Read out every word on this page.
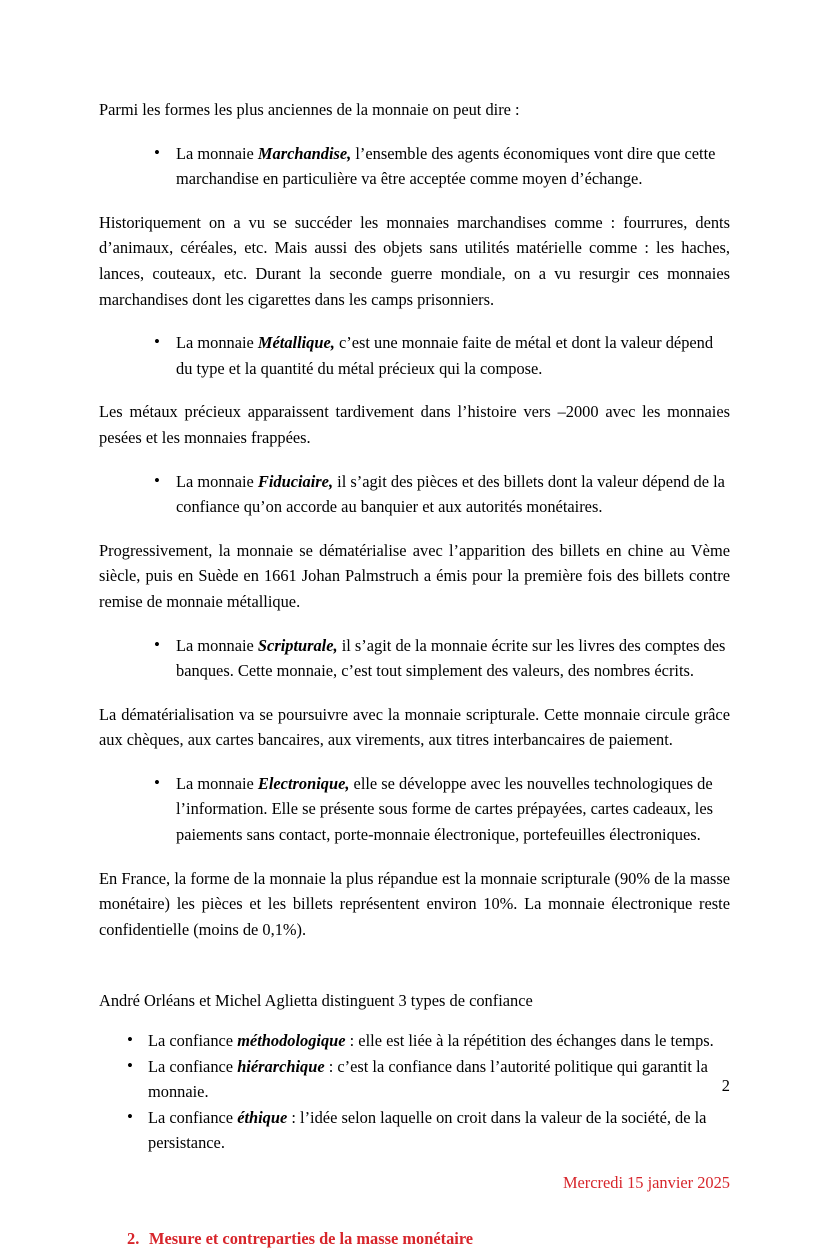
Parmi les formes les plus anciennes de la monnaie on peut dire :

• La monnaie Marchandise, l’ensemble des agents économiques vont dire que cette marchandise en particulière va être acceptée comme moyen d’échange.

Historiquement on a vu se succéder les monnaies marchandises comme : fourrures, dents d’animaux, céréales, etc. Mais aussi des objets sans utilités matérielle comme : les haches, lances, couteaux, etc. Durant la seconde guerre mondiale, on a vu resurgir ces monnaies marchandises dont les cigarettes dans les camps prisonniers.

• La monnaie Métallique, c’est une monnaie faite de métal et dont la valeur dépend du type et la quantité du métal précieux qui la compose.

Les métaux précieux apparaissent tardivement dans l’histoire vers –2000 avec les monnaies pesées et les monnaies frappées.

• La monnaie Fiduciaire, il s’agit des pièces et des billets dont la valeur dépend de la confiance qu’on accorde au banquier et aux autorités monétaires.

Progressivement, la monnaie se dématérialise avec l’apparition des billets en chine au Vème siècle, puis en Suède en 1661 Johan Palmstruch a émis pour la première fois des billets contre remise de monnaie métallique.

• La monnaie Scripturale, il s’agit de la monnaie écrite sur les livres des comptes des banques. Cette monnaie, c’est tout simplement des valeurs, des nombres écrits.

La dématérialisation va se poursuivre avec la monnaie scripturale. Cette monnaie circule grâce aux chèques, aux cartes bancaires, aux virements, aux titres interbancaires de paiement.

• La monnaie Electronique, elle se développe avec les nouvelles technologiques de l’information. Elle se présente sous forme de cartes prépayées, cartes cadeaux, les paiements sans contact, porte-monnaie électronique, portefeuilles électroniques.

En France, la forme de la monnaie la plus répandue est la monnaie scripturale (90% de la masse monétaire) les pièces et les billets représentent environ 10%. La monnaie électronique reste confidentielle (moins de 0,1%).

André Orléans et Michel Aglietta distinguent 3 types de confiance

• La confiance méthodologique : elle est liée à la répétition des échanges dans le temps.
• La confiance hiérarchique : c’est la confiance dans l’autorité politique qui garantit la monnaie.
• La confiance éthique : l’idée selon laquelle on croit dans la valeur de la société, de la persistance.

Mercredi 15 janvier 2025

2. Mesure et contreparties de la masse monétaire

2
